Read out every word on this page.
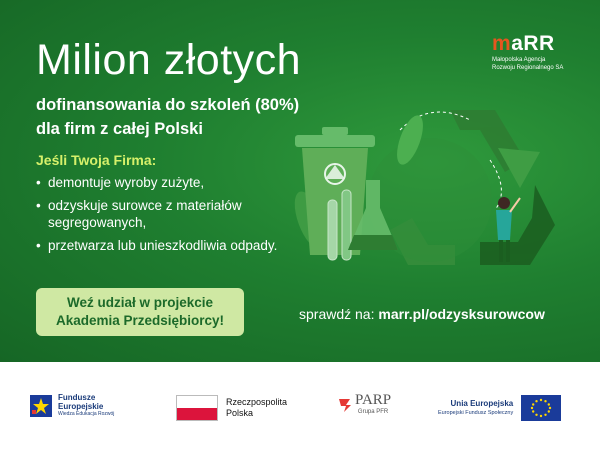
Milion złotych
dofinansowania do szkoleń (80%) dla firm z całej Polski
maRR
Małopolska Agencja
Rozwoju Regionalnego SA
Jeśli Twoja Firma:
• demontuje wyroby zużyte,
• odzyskuje surowce z materiałów segregowanych,
• przetwarza lub unieszkodliwia odpady.
Weź udział w projekcie Akademia Przedsiębiorcy!	sprawdź na: marr.pl/odzysksurowcow
Fundusze
Europejskie
Wiedza Edukacja Rozwój
Rzeczpospolita
Polska
PARP
Grupa PFR
Unia Europejska
Europejski Fundusz Społeczny
